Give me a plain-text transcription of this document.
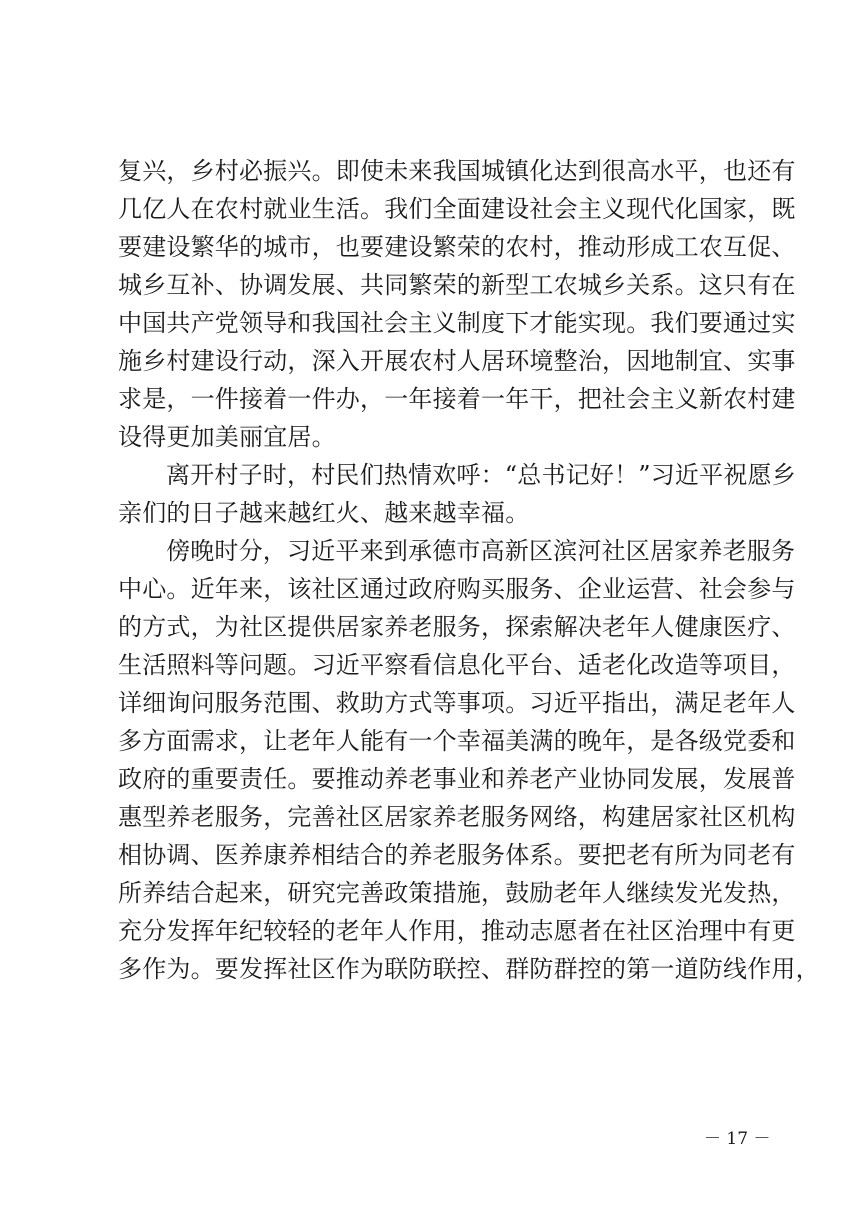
复兴，乡村必振兴。即使未来我国城镇化达到很高水平，也还有
几亿人在农村就业生活。我们全面建设社会主义现代化国家，既
要建设繁华的城市，也要建设繁荣的农村，推动形成工农互促、
城乡互补、协调发展、共同繁荣的新型工农城乡关系。这只有在
中国共产党领导和我国社会主义制度下才能实现。我们要通过实
施乡村建设行动，深入开展农村人居环境整治，因地制宜、实事
求是，一件接着一件办，一年接着一年干，把社会主义新农村建
设得更加美丽宜居。
离开村子时，村民们热情欢呼：“总书记好！”习近平祝愿乡
亲们的日子越来越红火、越来越幸福。
傍晚时分，习近平来到承德市高新区滨河社区居家养老服务
中心。近年来，该社区通过政府购买服务、企业运营、社会参与
的方式，为社区提供居家养老服务，探索解决老年人健康医疗、
生活照料等问题。习近平察看信息化平台、适老化改造等项目，
详细询问服务范围、救助方式等事项。习近平指出，满足老年人
多方面需求，让老年人能有一个幸福美满的晚年，是各级党委和
政府的重要责任。要推动养老事业和养老产业协同发展，发展普
惠型养老服务，完善社区居家养老服务网络，构建居家社区机构
相协调、医养康养相结合的养老服务体系。要把老有所为同老有
所养结合起来，研究完善政策措施，鼓励老年人继续发光发热，
充分发挥年纪较轻的老年人作用，推动志愿者在社区治理中有更
多作为。要发挥社区作为联防联控、群防群控的第一道防线作用，
－ 17 －
